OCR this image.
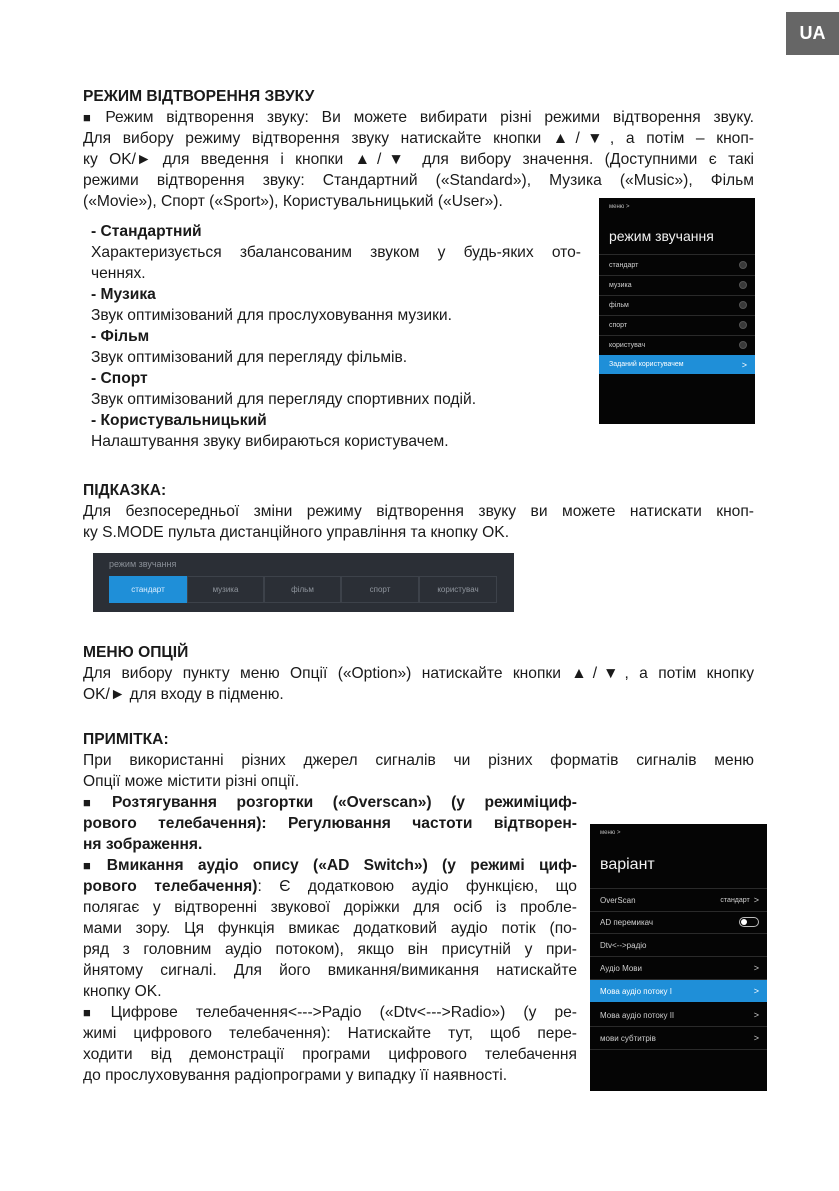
UA

РЕЖИМ ВІДТВОРЕННЯ ЗВУКУ

■ Режим відтворення звуку: Ви можете вибирати різні режими відтворення звуку.

Для вибору режиму відтворення звуку натискайте кнопки ▲/▼, а потім – кноп-

ку OK/► для введення і кнопки ▲/▼ для вибору значення. (Доступними є такі

режими відтворення звуку: Стандартний («Standard»), Музика («Music»), Фільм

(«Movie»), Спорт («Sport»), Користувальницький («User»).

- Стандартний

Характеризується збалансованим звуком у будь-яких ото-

ченнях.

- Музика

Звук оптимізований для прослуховування музики.

- Фільм

Звук оптимізований для перегляду фільмів.

- Спорт

Звук оптимізований для перегляду спортивних подій.

- Користувальницький

Налаштування звуку вибираються користувачем.

меню >
режим звучання
стандарт
музика
фільм
спорт
користувач
Заданий користувачем	>

ПІДКАЗКА:

Для безпосередньої зміни режиму відтворення звуку ви можете натискати кноп-

ку S.MODE пульта дистанційного управління та кнопку OK.

режим звучання
стандарт	музика	фільм	спорт	користувач

МЕНЮ ОПЦІЙ

Для вибору пункту меню Опції («Option») натискайте кнопки ▲/▼, а потім кнопку

OK/► для входу в підменю.

ПРИМІТКА:

При використанні різних джерел сигналів чи різних форматів сигналів меню

Опції може містити різні опції.

■ Розтягування розгортки («Overscan») (у режиміциф-

рового телебачення): Регулювання частоти відтворен-

ня зображення.

■ Вмикання аудіо опису («AD Switch») (у режимі циф-

рового телебачення): Є додатковою аудіо функцією, що

полягає у відтворенні звукової доріжки для осіб із пробле-

мами зору. Ця функція вмикає додатковий аудіо потік (по-

ряд з головним аудіо потоком), якщо він присутній у при-

йнятому сигналі. Для його вмикання/вимикання натискайте

кнопку OK.

■ Цифрове телебачення<--->Радіо («Dtv<--->Radio») (у ре-

жимі цифрового телебачення): Натискайте тут, щоб пере-

ходити від демонстрації програми цифрового телебачення

до прослуховування радіопрограми у випадку її наявності.

меню >
варіант
OverScan	стандарт >
AD перемикач
Dtv<-->радіо
Аудіо Мови	>
Мова аудіо потоку I	>
Мова аудіо потоку II	>
мови субтитрів	>
